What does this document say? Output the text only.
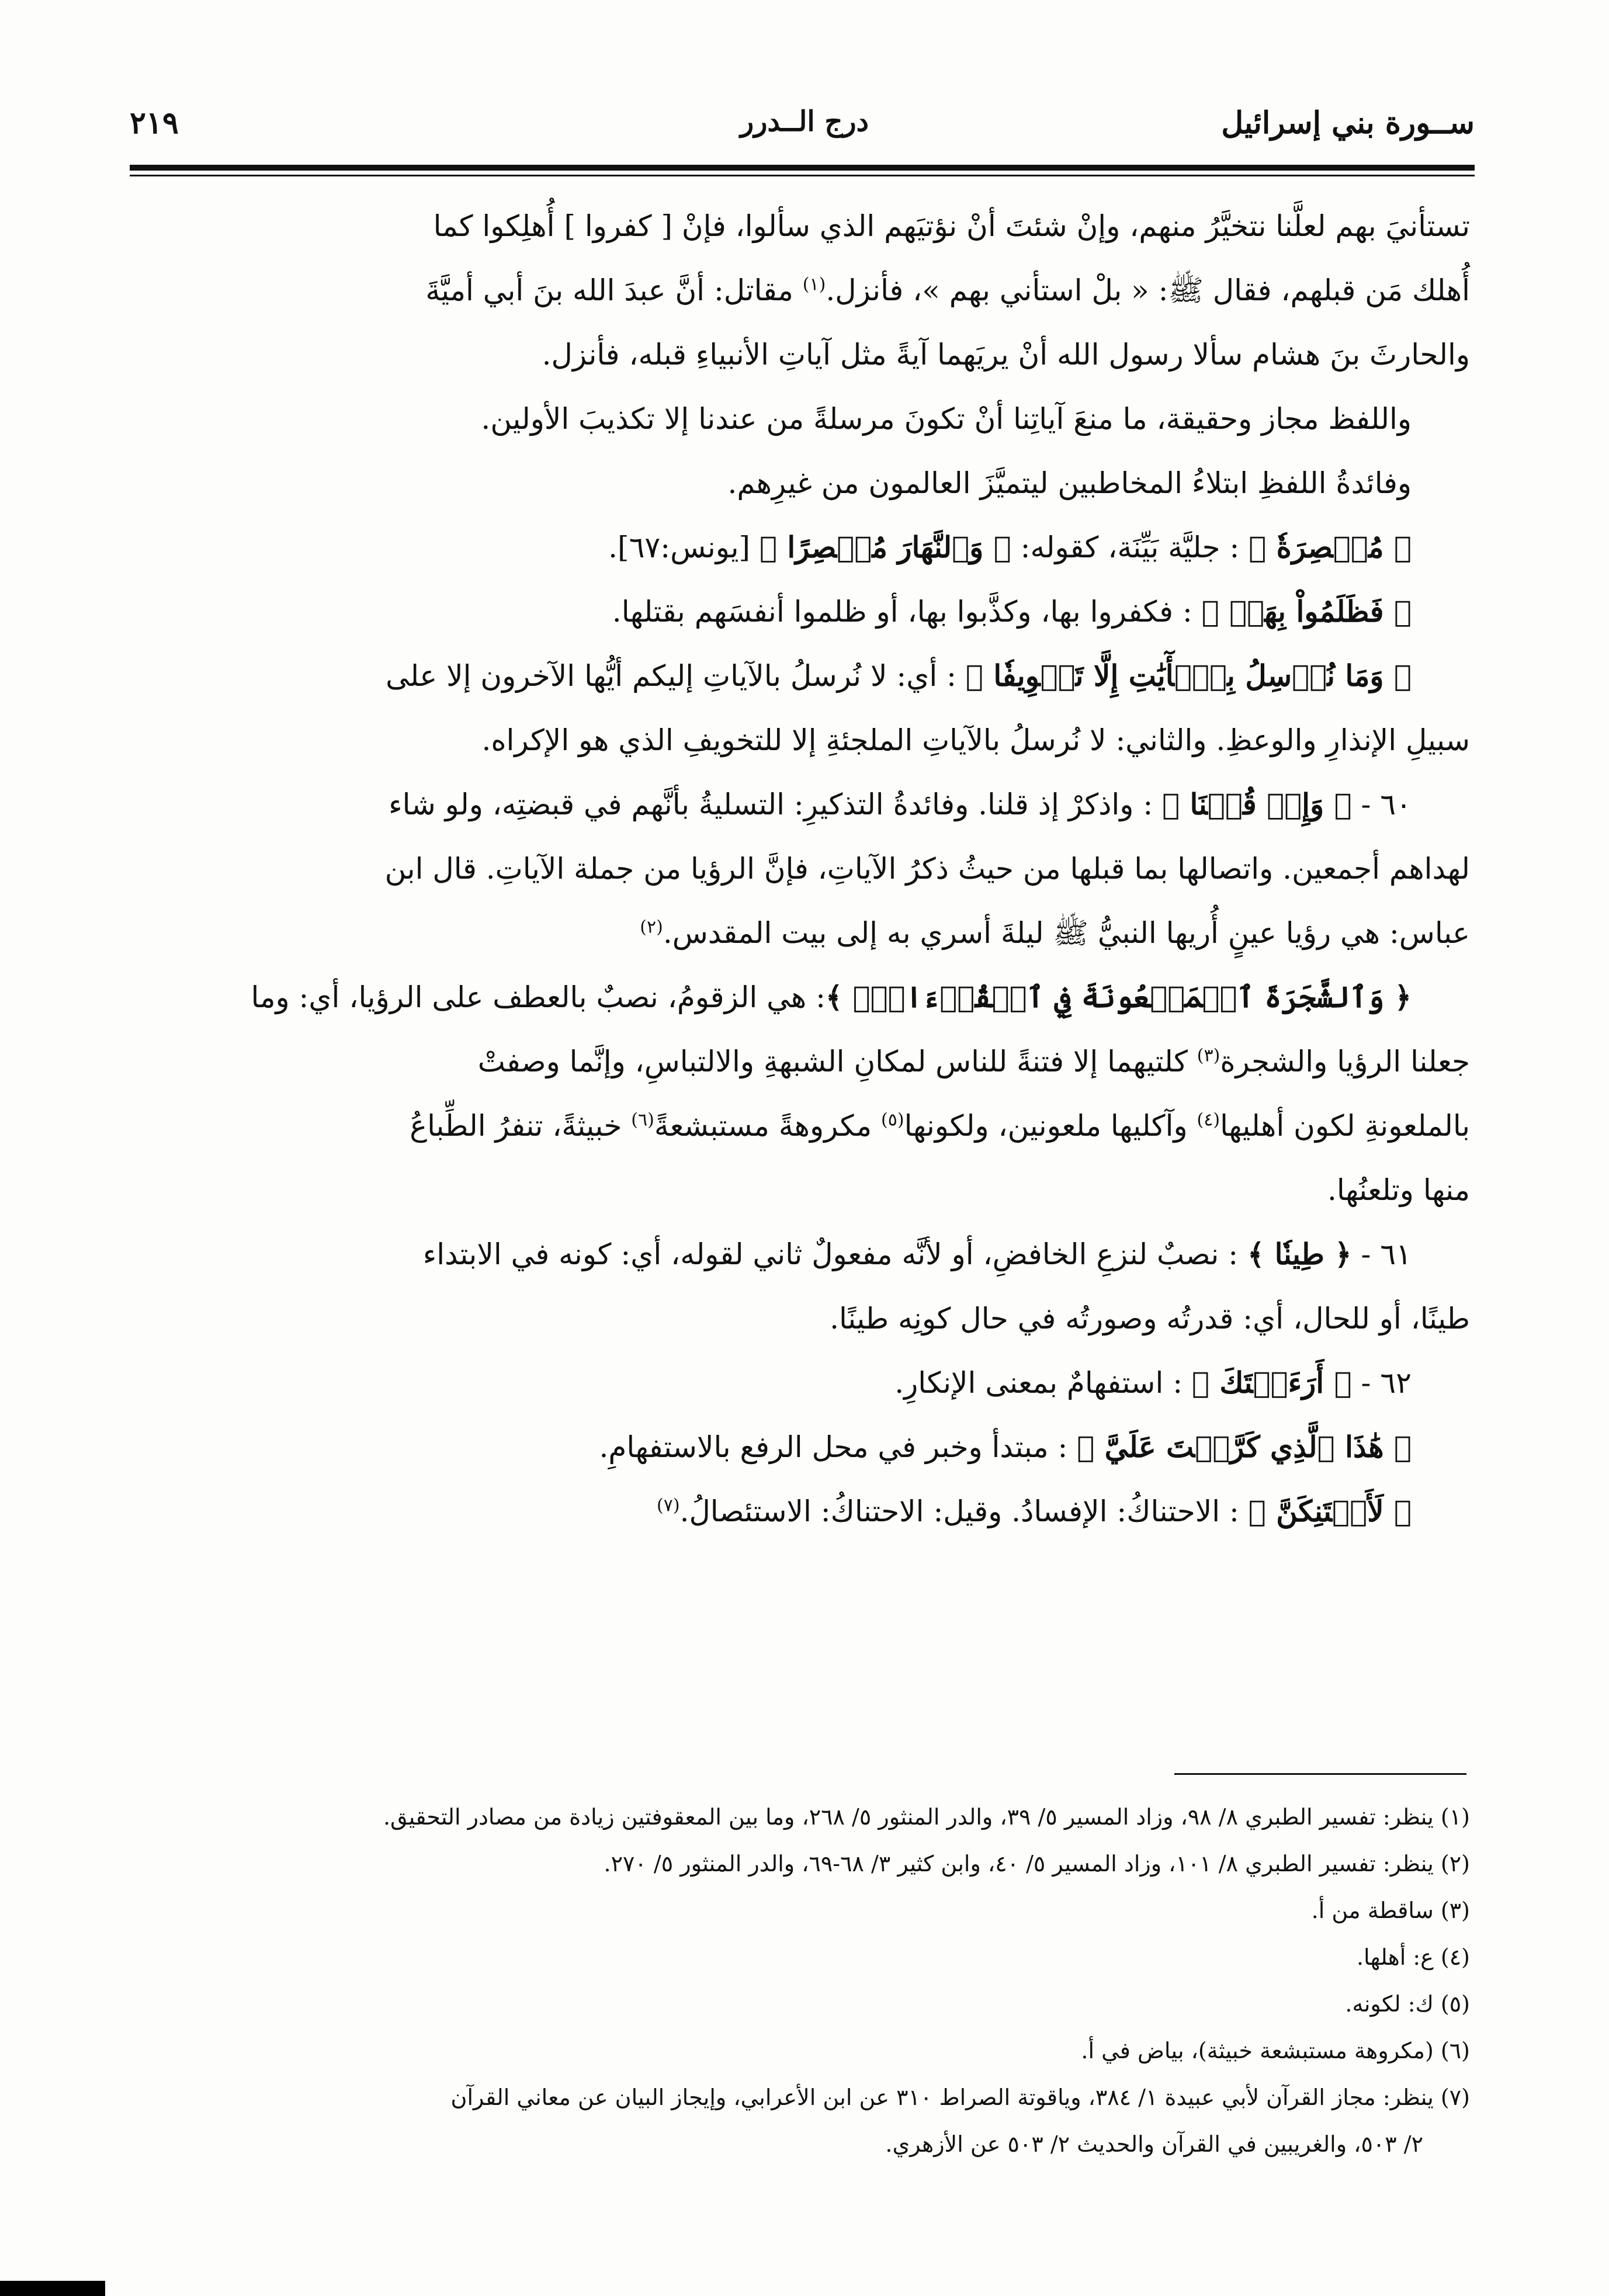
٢١٩	درج الــدرر	ســورة بني إسرائيل

تستأنيَ بهم لعلَّنا نتخيَّرُ منهم، وإنْ شئتَ أنْ نؤتيَهم الذي سألوا، فإنْ [ كفروا ] أُهلِكوا كما

أُهلك مَن قبلهم، فقال ﷺ: « بلْ استأني بهم »، فأنزل.$^{(١)}$ مقاتل: أنَّ عبدَ الله بنَ أبي أميَّةَ

والحارثَ بنَ هشام سألا رسول الله أنْ يريَهما آيةً مثل آياتِ الأنبياءِ قبله، فأنزل.

واللفظ مجاز وحقيقة، ما منعَ آياتِنا أنْ تكونَ مرسلةً من عندنا إلا تكذيبَ الأولين.

وفائدةُ اللفظِ ابتلاءُ المخاطبين ليتميَّزَ العالمون من غيرِهم.

﴿ مُبۡصِرَةٗ ﴾ : جليَّة بَيِّنَة، كقوله: ﴿ وَٱلنَّهَارَ مُبۡصِرًا ﴾ [يونس:٦٧].

﴿ فَظَلَمُواْ بِهَاۚ ﴾ : فكفروا بها، وكذَّبوا بها، أو ظلموا أنفسَهم بقتلها.

﴿ وَمَا نُرۡسِلُ بِٱلۡأٓيَٰتِ إِلَّا تَخۡوِيفٗا ﴾ : أي: لا نُرسلُ بالآياتِ إليكم أيُّها الآخرون إلا على

سبيلِ الإنذارِ والوعظِ. والثاني: لا نُرسلُ بالآياتِ الملجئةِ إلا للتخويفِ الذي هو الإكراه.

٦٠ - ﴿ وَإِذۡ قُلۡنَا ﴾ : واذكرْ إذ قلنا. وفائدةُ التذكيرِ: التسليةُ بأنَّهم في قبضتِه، ولو شاء

لهداهم أجمعين. واتصالها بما قبلها من حيثُ ذكرُ الآياتِ، فإنَّ الرؤيا من جملة الآياتِ. قال ابن

عباس: هي رؤيا عينٍ أُريها النبيُّ ﷺ ليلةَ أسري به إلى بيت المقدس.$^{(٢)}$

﴿ وَٱلشَّجَرَةَ ٱلۡمَلۡعُونَةَ فِي ٱلۡقُرۡءَانِۚ ﴾: هي الزقومُ، نصبٌ بالعطف على الرؤيا، أي: وما

جعلنا الرؤيا والشجرة$^{(٣)}$ كلتيهما إلا فتنةً للناس لمكانِ الشبهةِ والالتباسِ، وإنَّما وصفتْ

بالملعونةِ لكون أهليها$^{(٤)}$ وآكليها ملعونين، ولكونها$^{(٥)}$ مكروهةً مستبشعةً$^{(٦)}$ خبيثةً، تنفرُ الطِّباعُ

منها وتلعنُها.

٦١ - ﴿ طِينٗا ﴾ : نصبٌ لنزعِ الخافضِ، أو لأنَّه مفعولٌ ثاني لقوله، أي: كونه في الابتداء

طينًا، أو للحال، أي: قدرتُه وصورتُه في حال كونِه طينًا.

٦٢ - ﴿ أَرَءَيۡتَكَ ﴾ : استفهامٌ بمعنى الإنكارِ.

﴿ هَٰذَا ٱلَّذِي كَرَّمۡتَ عَلَيَّ ﴾ : مبتدأ وخبر في محل الرفع بالاستفهامِ.

﴿ لَأَحۡتَنِكَنَّ ﴾ : الاحتناكُ: الإفسادُ. وقيل: الاحتناكُ: الاستئصالُ.$^{(٧)}$

(١) ينظر: تفسير الطبري ٨/ ٩٨، وزاد المسير ٥/ ٣٩، والدر المنثور ٥/ ٢٦٨، وما بين المعقوفتين زيادة من مصادر التحقيق.

(٢) ينظر: تفسير الطبري ٨/ ١٠١، وزاد المسير ٥/ ٤٠، وابن كثير ٣/ ٦٨-٦٩، والدر المنثور ٥/ ٢٧٠.

(٣) ساقطة من أ.

(٤) ع: أهلها.

(٥) ك: لكونه.

(٦) (مكروهة مستبشعة خبيثة)، بياض في أ.

(٧) ينظر: مجاز القرآن لأبي عبيدة ١/ ٣٨٤، وياقوتة الصراط ٣١٠ عن ابن الأعرابي، وإيجاز البيان عن معاني القرآن

٢/ ٥٠٣، والغريبين في القرآن والحديث ٢/ ٥٠٣ عن الأزهري.
